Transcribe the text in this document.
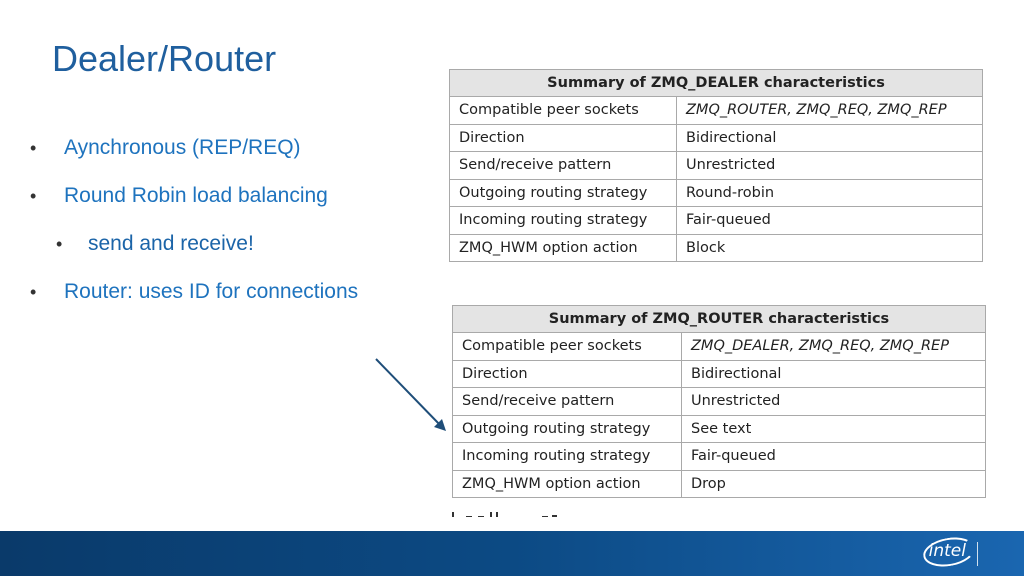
Dealer/Router
• Aynchronous (REP/REQ)
• Round Robin load balancing
• send and receive!
• Router: uses ID for connections
Summary of ZMQ_DEALER characteristics	
Compatible peer sockets	ZMQ_ROUTER, ZMQ_REQ, ZMQ_REP
Direction	Bidirectional
Send/receive pattern	Unrestricted
Outgoing routing strategy	Round-robin
Incoming routing strategy	Fair-queued
ZMQ_HWM option action	Block
Summary of ZMQ_ROUTER characteristics	
Compatible peer sockets	ZMQ_DEALER, ZMQ_REQ, ZMQ_REP
Direction	Bidirectional
Send/receive pattern	Unrestricted
Outgoing routing strategy	See text
Incoming routing strategy	Fair-queued
ZMQ_HWM option action	Drop
intel
